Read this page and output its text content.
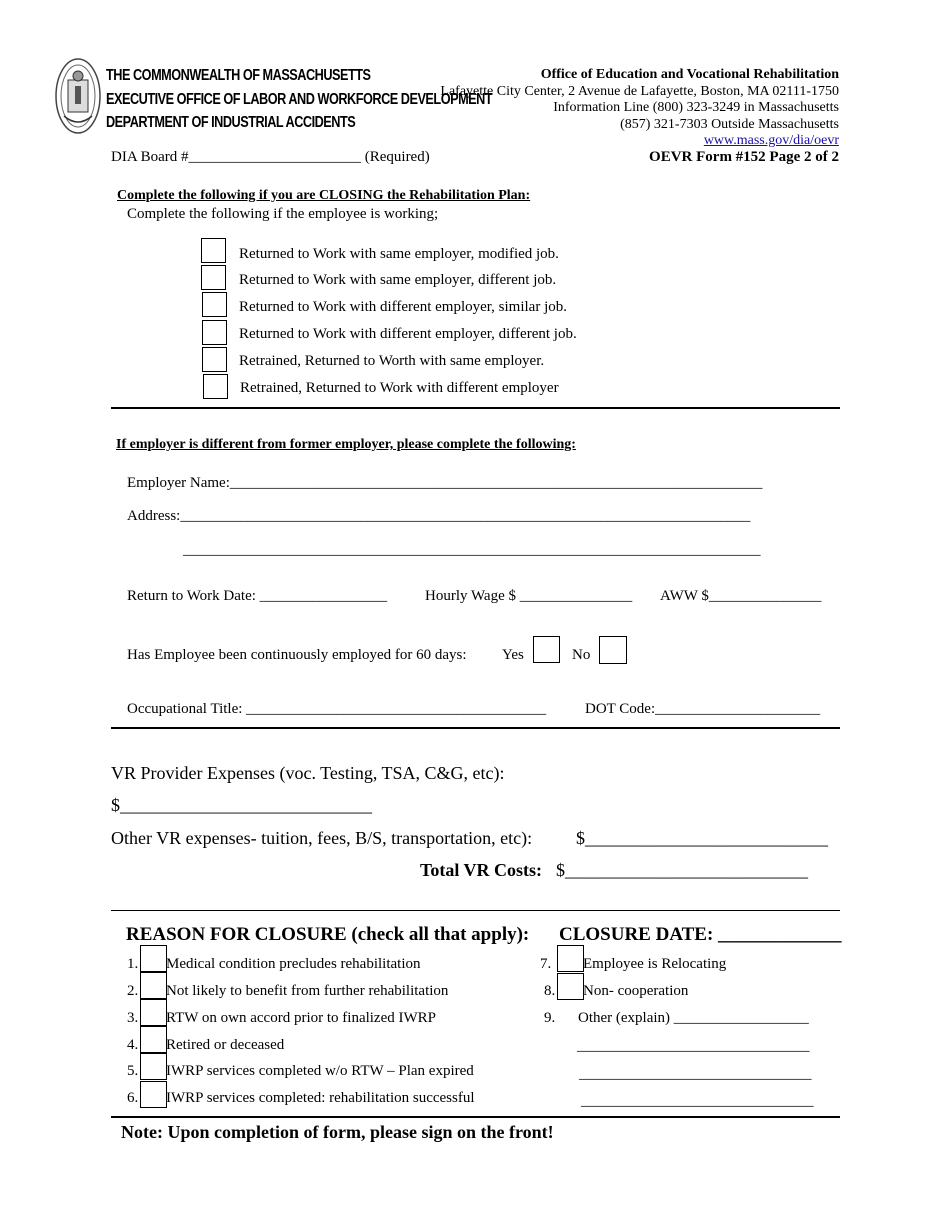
THE COMMONWEALTH OF MASSACHUSETTS
EXECUTIVE OFFICE OF LABOR AND WORKFORCE DEVELOPMENT
DEPARTMENT OF INDUSTRIAL ACCIDENTS
Office of Education and Vocational Rehabilitation
Lafayette City Center, 2 Avenue de Lafayette, Boston, MA 02111-1750
Information Line (800) 323-3249 in Massachusetts
(857) 321-7303 Outside Massachusetts
www.mass.gov/dia/oevr
DIA Board #_______________________ (Required)	OEVR Form #152 Page 2 of 2
Complete the following if you are CLOSING the Rehabilitation Plan:
Complete the following if the employee is working;
Returned to Work with same employer, modified job.
Returned to Work with same employer, different job.
Returned to Work with different employer, similar job.
Returned to Work with different employer, different job.
Retrained, Returned to Worth with same employer.
Retrained, Returned to Work with different employer
If employer is different from former employer, please complete the following:
Employer Name:_______________________________________________________________________
Address:____________________________________________________________________________
_____________________________________________________________________________
Return to Work Date: _________________	Hourly Wage $ _______________ AWW $_______________
Has Employee been continuously employed for 60 days: Yes	No
Occupational Title: ________________________________________	DOT Code:______________________
VR Provider Expenses (voc. Testing, TSA, C&G, etc):
$____________________________
Other VR expenses- tuition, fees, B/S, transportation, etc): $___________________________
Total VR Costs: $___________________________
REASON FOR CLOSURE (check all that apply): CLOSURE DATE: _____________
1. Medical condition precludes rehabilitation
2. Not likely to benefit from further rehabilitation
3. RTW on own accord prior to finalized IWRP
4. Retired or deceased
5. IWRP services completed w/o RTW – Plan expired
6. IWRP services completed: rehabilitation successful
7. Employee is Relocating
8. Non- cooperation
9. Other (explain) __________________
_______________________________
_______________________________
_______________________________
Note: Upon completion of form, please sign on the front!
